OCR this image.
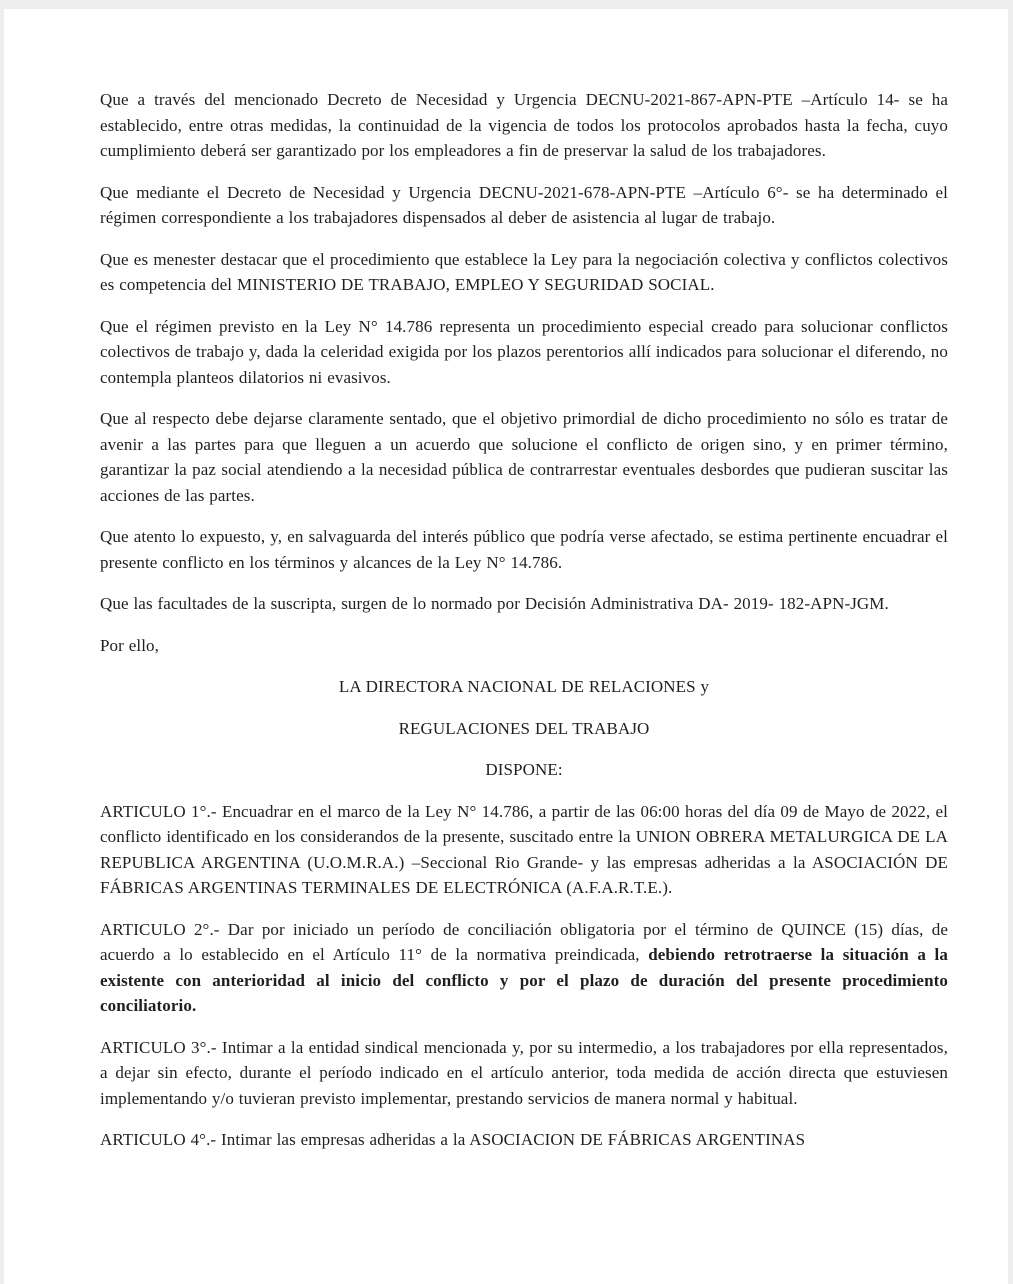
Que a través del mencionado Decreto de Necesidad y Urgencia DECNU-2021-867-APN-PTE –Artículo 14- se ha establecido, entre otras medidas, la continuidad de la vigencia de todos los protocolos aprobados hasta la fecha, cuyo cumplimiento deberá ser garantizado por los empleadores a fin de preservar la salud de los trabajadores.

Que mediante el Decreto de Necesidad y Urgencia DECNU-2021-678-APN-PTE –Artículo 6°- se ha determinado el régimen correspondiente a los trabajadores dispensados al deber de asistencia al lugar de trabajo.

Que es menester destacar que el procedimiento que establece la Ley para la negociación colectiva y conflictos colectivos es competencia del MINISTERIO DE TRABAJO, EMPLEO Y SEGURIDAD SOCIAL.

Que el régimen previsto en la Ley N° 14.786 representa un procedimiento especial creado para solucionar conflictos colectivos de trabajo y, dada la celeridad exigida por los plazos perentorios allí indicados para solucionar el diferendo, no contempla planteos dilatorios ni evasivos.

Que al respecto debe dejarse claramente sentado, que el objetivo primordial de dicho procedimiento no sólo es tratar de avenir a las partes para que lleguen a un acuerdo que solucione el conflicto de origen sino, y en primer término, garantizar la paz social atendiendo a la necesidad pública de contrarrestar eventuales desbordes que pudieran suscitar las acciones de las partes.

Que atento lo expuesto, y, en salvaguarda del interés público que podría verse afectado, se estima pertinente encuadrar el presente conflicto en los términos y alcances de la Ley N° 14.786.

Que las facultades de la suscripta, surgen de lo normado por Decisión Administrativa DA- 2019- 182-APN-JGM.

Por ello,

LA DIRECTORA NACIONAL DE RELACIONES y

REGULACIONES DEL TRABAJO

DISPONE:

ARTICULO 1°.- Encuadrar en el marco de la Ley N° 14.786, a partir de las 06:00 horas del día 09 de Mayo de 2022, el conflicto identificado en los considerandos de la presente, suscitado entre la UNION OBRERA METALURGICA DE LA REPUBLICA ARGENTINA (U.O.M.R.A.) –Seccional Rio Grande- y las empresas adheridas a la ASOCIACIÓN DE FÁBRICAS ARGENTINAS TERMINALES DE ELECTRÓNICA (A.F.A.R.T.E.).

ARTICULO 2°.- Dar por iniciado un período de conciliación obligatoria por el término de QUINCE (15) días, de acuerdo a lo establecido en el Artículo 11° de la normativa preindicada, debiendo retrotraerse la situación a la existente con anterioridad al inicio del conflicto y por el plazo de duración del presente procedimiento conciliatorio.

ARTICULO 3°.- Intimar a la entidad sindical mencionada y, por su intermedio, a los trabajadores por ella representados, a dejar sin efecto, durante el período indicado en el artículo anterior, toda medida de acción directa que estuviesen implementando y/o tuvieran previsto implementar, prestando servicios de manera normal y habitual.

ARTICULO 4°.- Intimar las empresas adheridas a la ASOCIACION DE FÁBRICAS ARGENTINAS
